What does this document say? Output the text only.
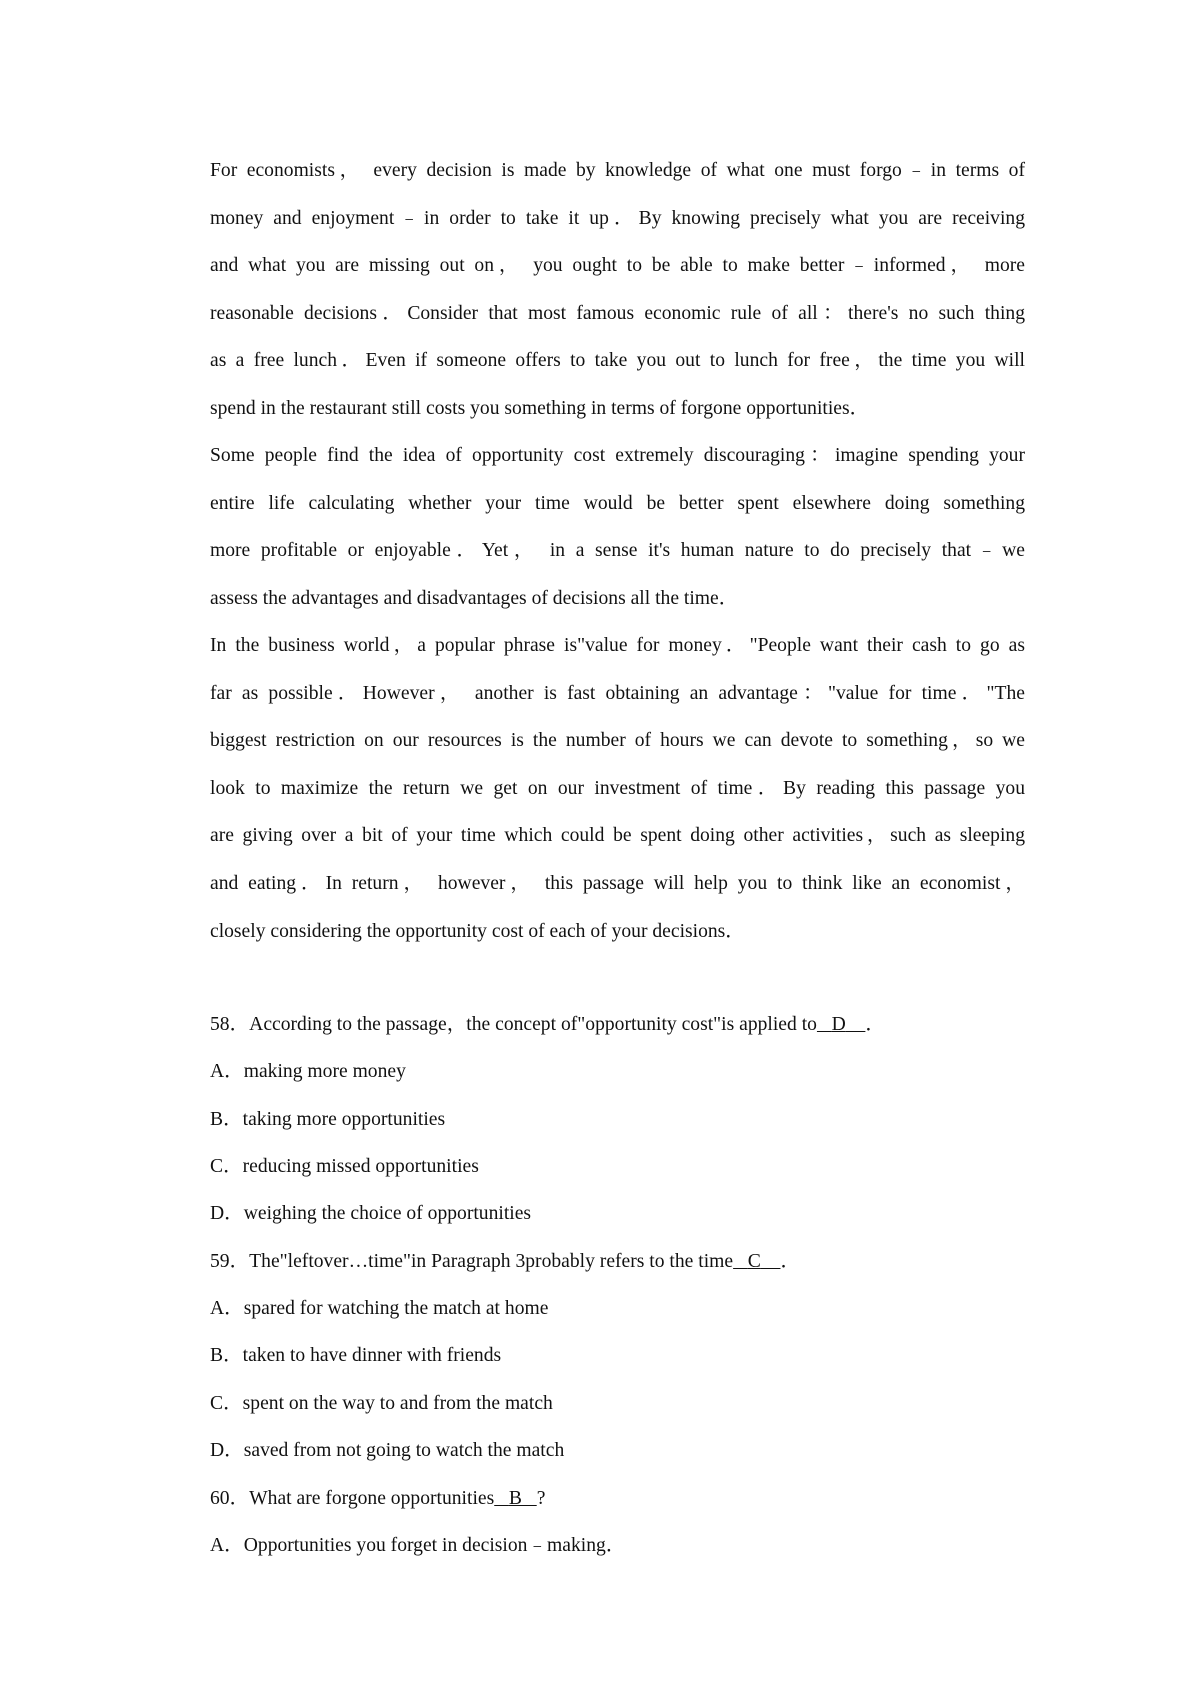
For economists， every decision is made by knowledge of what one must forgo﹣in terms of
money and enjoyment﹣in order to take it up．By knowing precisely what you are receiving
and what you are missing out on， you ought to be able to make better﹣informed， more
reasonable decisions．Consider that most famous economic rule of all：there's no such thing
as a free lunch．Even if someone offers to take you out to lunch for free，the time you will
spend in the restaurant still costs you something in terms of forgone opportunities．
Some people find the idea of opportunity cost extremely discouraging：imagine spending your
entire life calculating whether your time would be better spent elsewhere doing something
more profitable or enjoyable．Yet， in a sense it's human nature to do precisely that﹣we
assess the advantages and disadvantages of decisions all the time．
In the business world，a popular phrase is"value for money．"People want their cash to go as
far as possible．However， another is fast obtaining an advantage："value for time．"The
biggest restriction on our resources is the number of hours we can devote to something，so we
look to maximize the return we get on our investment of time．By reading this passage you
are giving over a bit of your time which could be spent doing other activities，such as sleeping
and eating．In return， however， this passage will help you to think like an economist，
closely considering the opportunity cost of each of your decisions．
58．According to the passage，the concept of"opportunity cost"is applied to D ．
A．making more money
B．taking more opportunities
C．reducing missed opportunities
D．weighing the choice of opportunities
59．The"leftover…time"in Paragraph 3probably refers to the time C ．
A．spared for watching the match at home
B．taken to have dinner with friends
C．spent on the way to and from the match
D．saved from not going to watch the match
60．What are forgone opportunities B ?
A．Opportunities you forget in decision﹣making．
